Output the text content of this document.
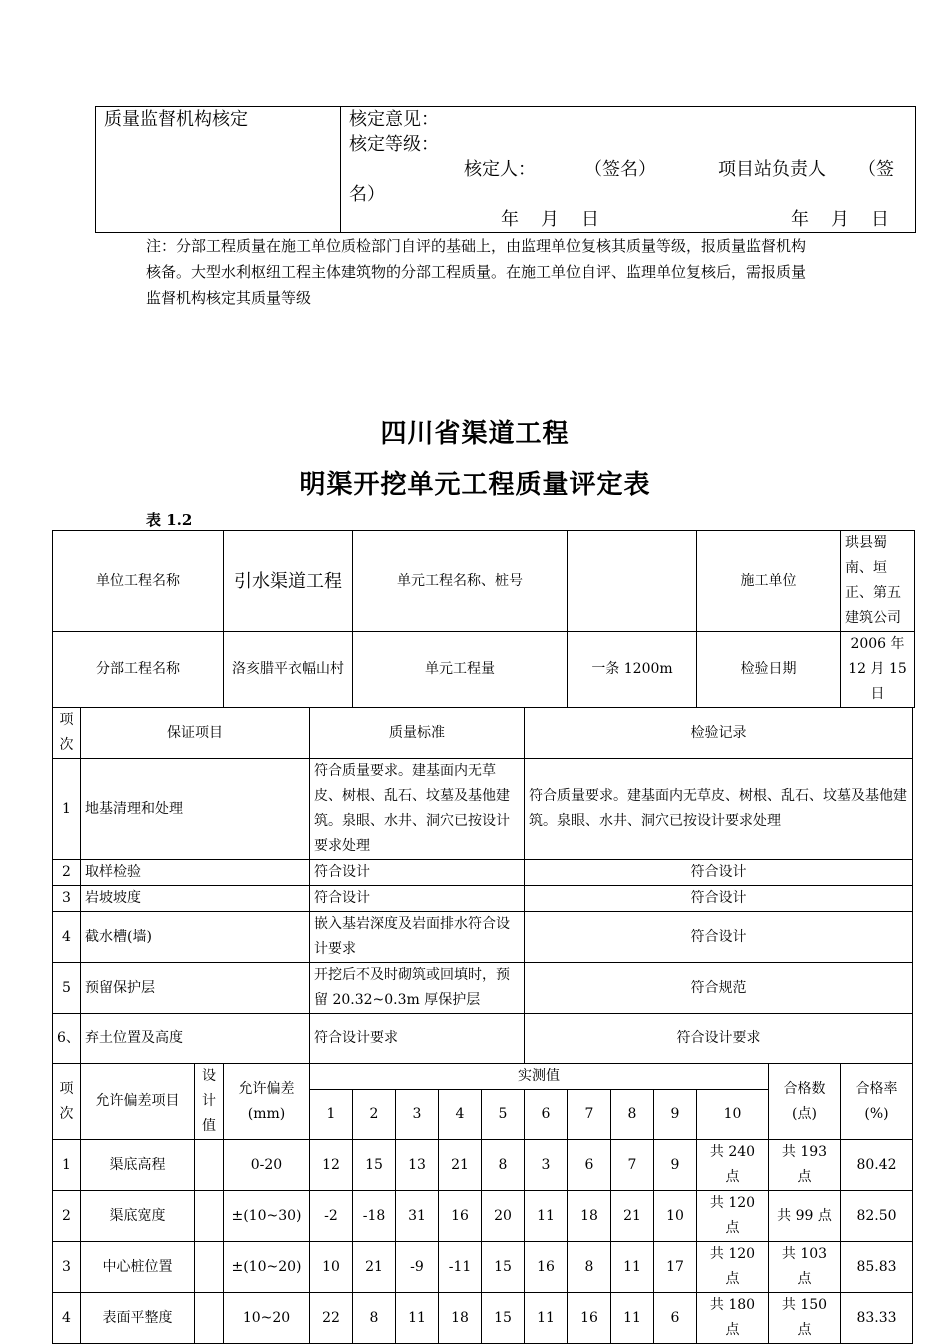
质量监督机构核定	核定意见：
核定等级：
核定人：	（签名）	项目站负责人 （签
名）
年 月 日	年 月 日
注：分部工程质量在施工单位质检部门自评的基础上，由监理单位复核其质量等级，报质量监督机构核备。大型水利枢纽工程主体建筑物的分部工程质量。在施工单位自评、监理单位复核后，需报质量监督机构核定其质量等级
四川省渠道工程
明渠开挖单元工程质量评定表
表 1.2
单位工程名称			引水渠道工程		单元工程名称、桩号								施工单位		珙县蜀南、垣正、第五建筑公司
分部工程名称			洛亥腊平衣幅山村		单元工程量					一条 1200m			检验日期		2006 年 12 月 15 日
项次	保证项目			质量标准					检验记录						
1	地基清理和处理			符合质量要求。建基面内无草皮、树根、乱石、坟墓及基他建筑。泉眼、水井、洞穴已按设计要求处理					符合质量要求。建基面内无草皮、树根、乱石、坟墓及基他建筑。泉眼、水井、洞穴已按设计要求处理						
2	取样检验			符合设计					符合设计						
3	岩坡坡度			符合设计					符合设计						
4	截水槽(墙)			嵌入基岩深度及岩面排水符合设计要求					符合设计						
5	预留保护层			开挖后不及时砌筑或回填时，预留 20.32~0.3m 厚保护层					符合规范						
6、	弃土位置及高度			符合设计要求					符合设计要求						
项次	允许偏差项目	设计值	允许偏差(mm)	实测值										合格数(点)	合格率(%)
				1	2	3	4	5	6	7	8	9	10		
1	渠底高程		0-20	12	15	13	21	8	3	6	7	9	共 240 点	共 193 点	80.42
2	渠底宽度		±(10~30)	-2	-18	31	16	20	11	18	21	10	共 120 点	共 99 点	82.50
3	中心桩位置		±(10~20)	10	21	-9	-11	15	16	8	11	17	共 120 点	共 103 点	85.83
4	表面平整度		10~20	22	8	11	18	15	11	16	11	6	共 180 点	共 150 点	83.33
